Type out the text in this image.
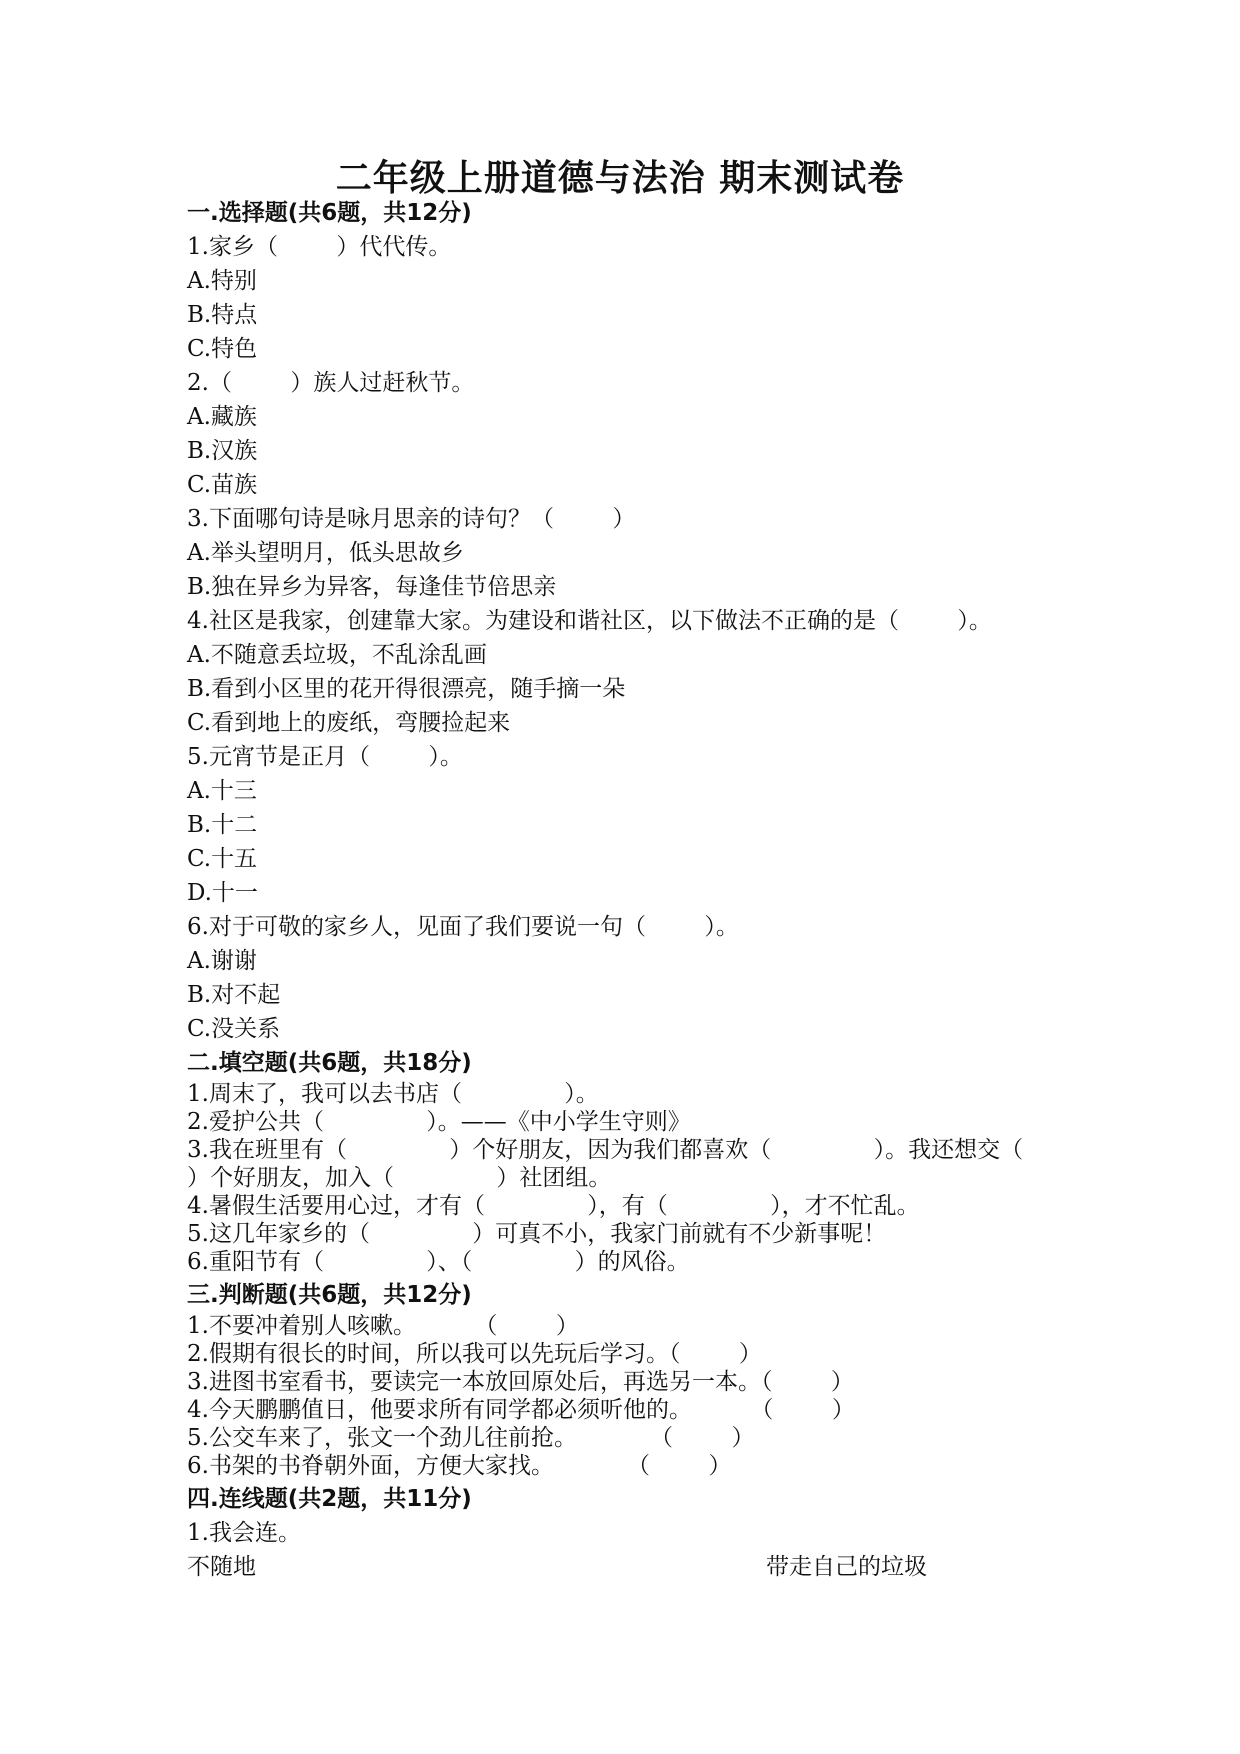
二年级上册道德与法治 期末测试卷
一.选择题(共6题，共12分)
1.家乡（        ）代代传。
A.特别
B.特点
C.特色
2.（        ）族人过赶秋节。
A.藏族
B.汉族
C.苗族
3.下面哪句诗是咏月思亲的诗句？（        ）
A.举头望明月，低头思故乡
B.独在异乡为异客，每逢佳节倍思亲
4.社区是我家，创建靠大家。为建设和谐社区，以下做法不正确的是（        ）。
A.不随意丢垃圾，不乱涂乱画
B.看到小区里的花开得很漂亮，随手摘一朵
C.看到地上的废纸，弯腰捡起来
5.元宵节是正月（        ）。
A.十三
B.十二
C.十五
D.十一
6.对于可敬的家乡人，见面了我们要说一句（        ）。
A.谢谢
B.对不起
C.没关系
二.填空题(共6题，共18分)
1.周末了，我可以去书店（              ）。
2.爱护公共（              ）。——《中小学生守则》
3.我在班里有（              ）个好朋友，因为我们都喜欢（              ）。我还想交（              ）个好朋友，加入（              ）社团组。
4.暑假生活要用心过，才有（              ），有（              ），才不忙乱。
5.这几年家乡的（              ）可真不小，我家门前就有不少新事呢！
6.重阳节有（              ）、（              ）的风俗。
三.判断题(共6题，共12分)
1.不要冲着别人咳嗽。        （        ）
2.假期有很长的时间，所以我可以先玩后学习。（        ）
3.进图书室看书，要读完一本放回原处后，再选另一本。（        ）
4.今天鹏鹏值日，他要求所有同学都必须听他的。        （        ）
5.公交车来了，张文一个劲儿往前抢。          （        ）
6.书架的书脊朝外面，方便大家找。          （        ）
四.连线题(共2题，共11分)
1.我会连。
不随地	带走自己的垃圾
